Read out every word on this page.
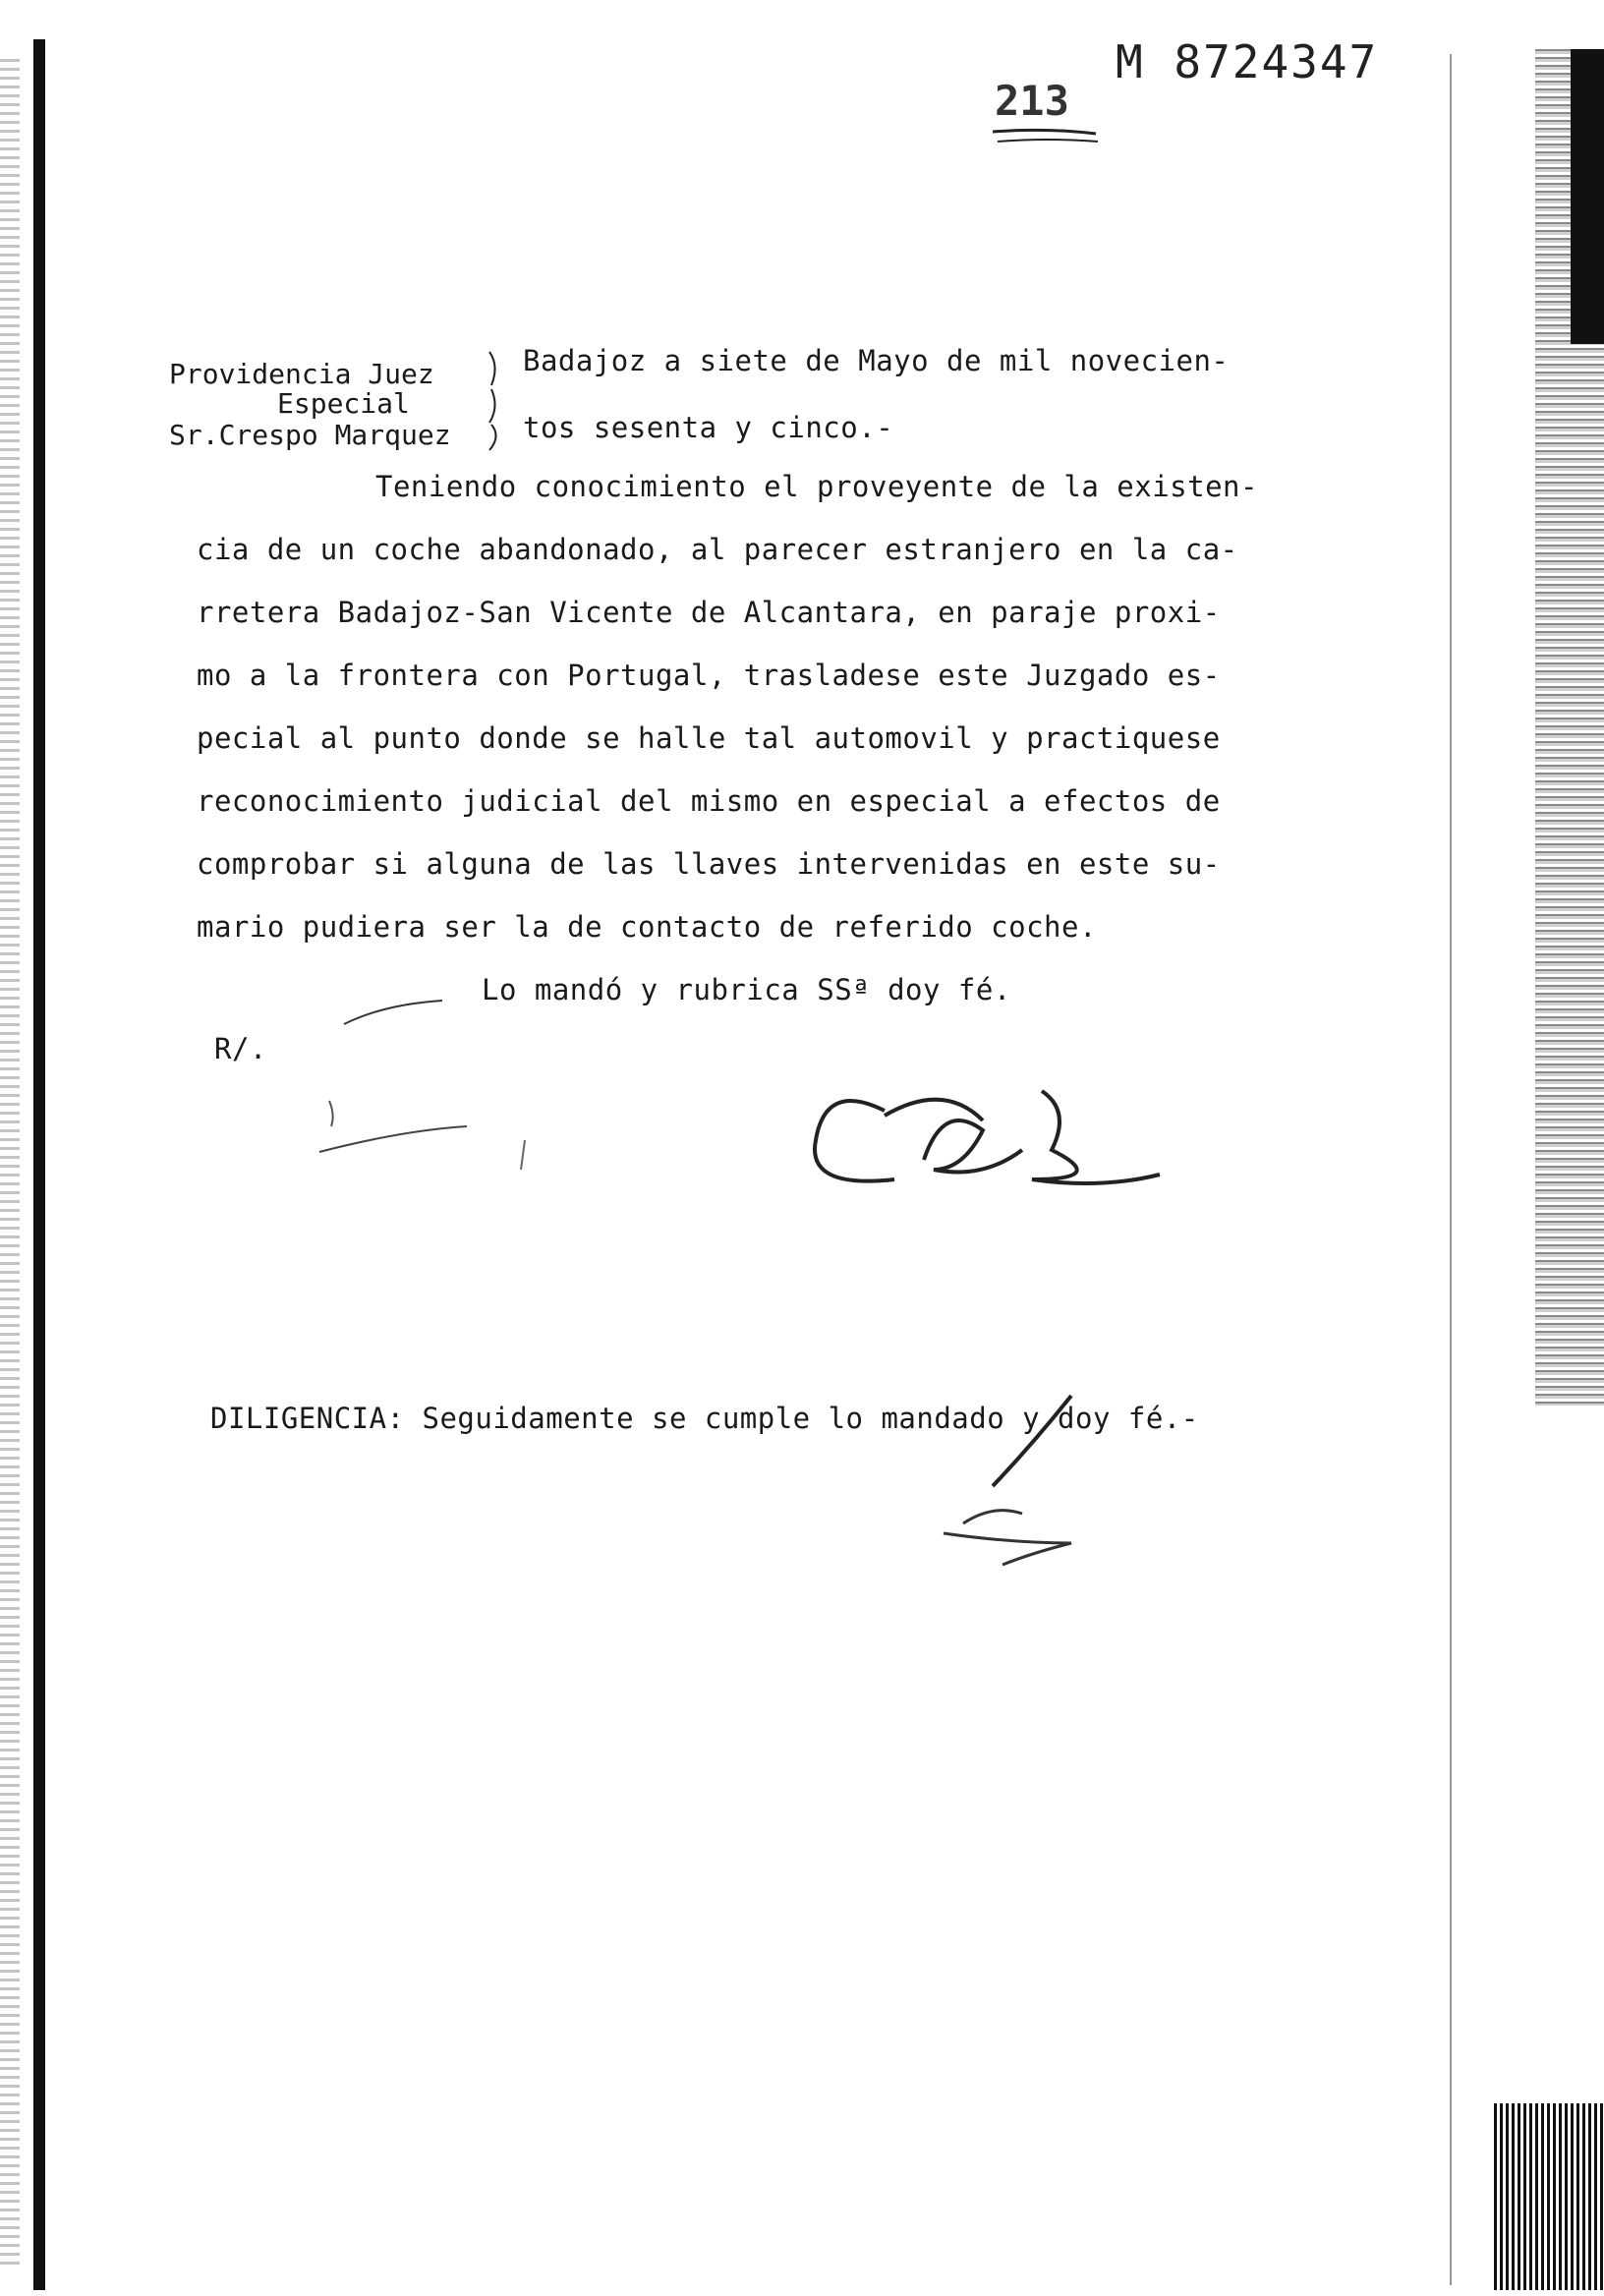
M 8724347
213
Providencia Juez
Especial
Sr.Crespo Marquez
Badajoz a siete de Mayo de mil novecien-
tos sesenta y cinco.-
Teniendo conocimiento el proveyente de la existen-
cia de un coche abandonado, al parecer estranjero en la ca-
rretera Badajoz-San Vicente de Alcantara, en paraje proxi-
mo a la frontera con Portugal, trasladese este Juzgado es-
pecial al punto donde se halle tal automovil y practiquese
reconocimiento judicial del mismo en especial a efectos de
comprobar si alguna de las llaves intervenidas en este su-
mario pudiera ser la de contacto de referido coche.
Lo mandó y rubrica SSª doy fé.
R/.
DILIGENCIA: Seguidamente se cumple lo mandado y doy fé.-
